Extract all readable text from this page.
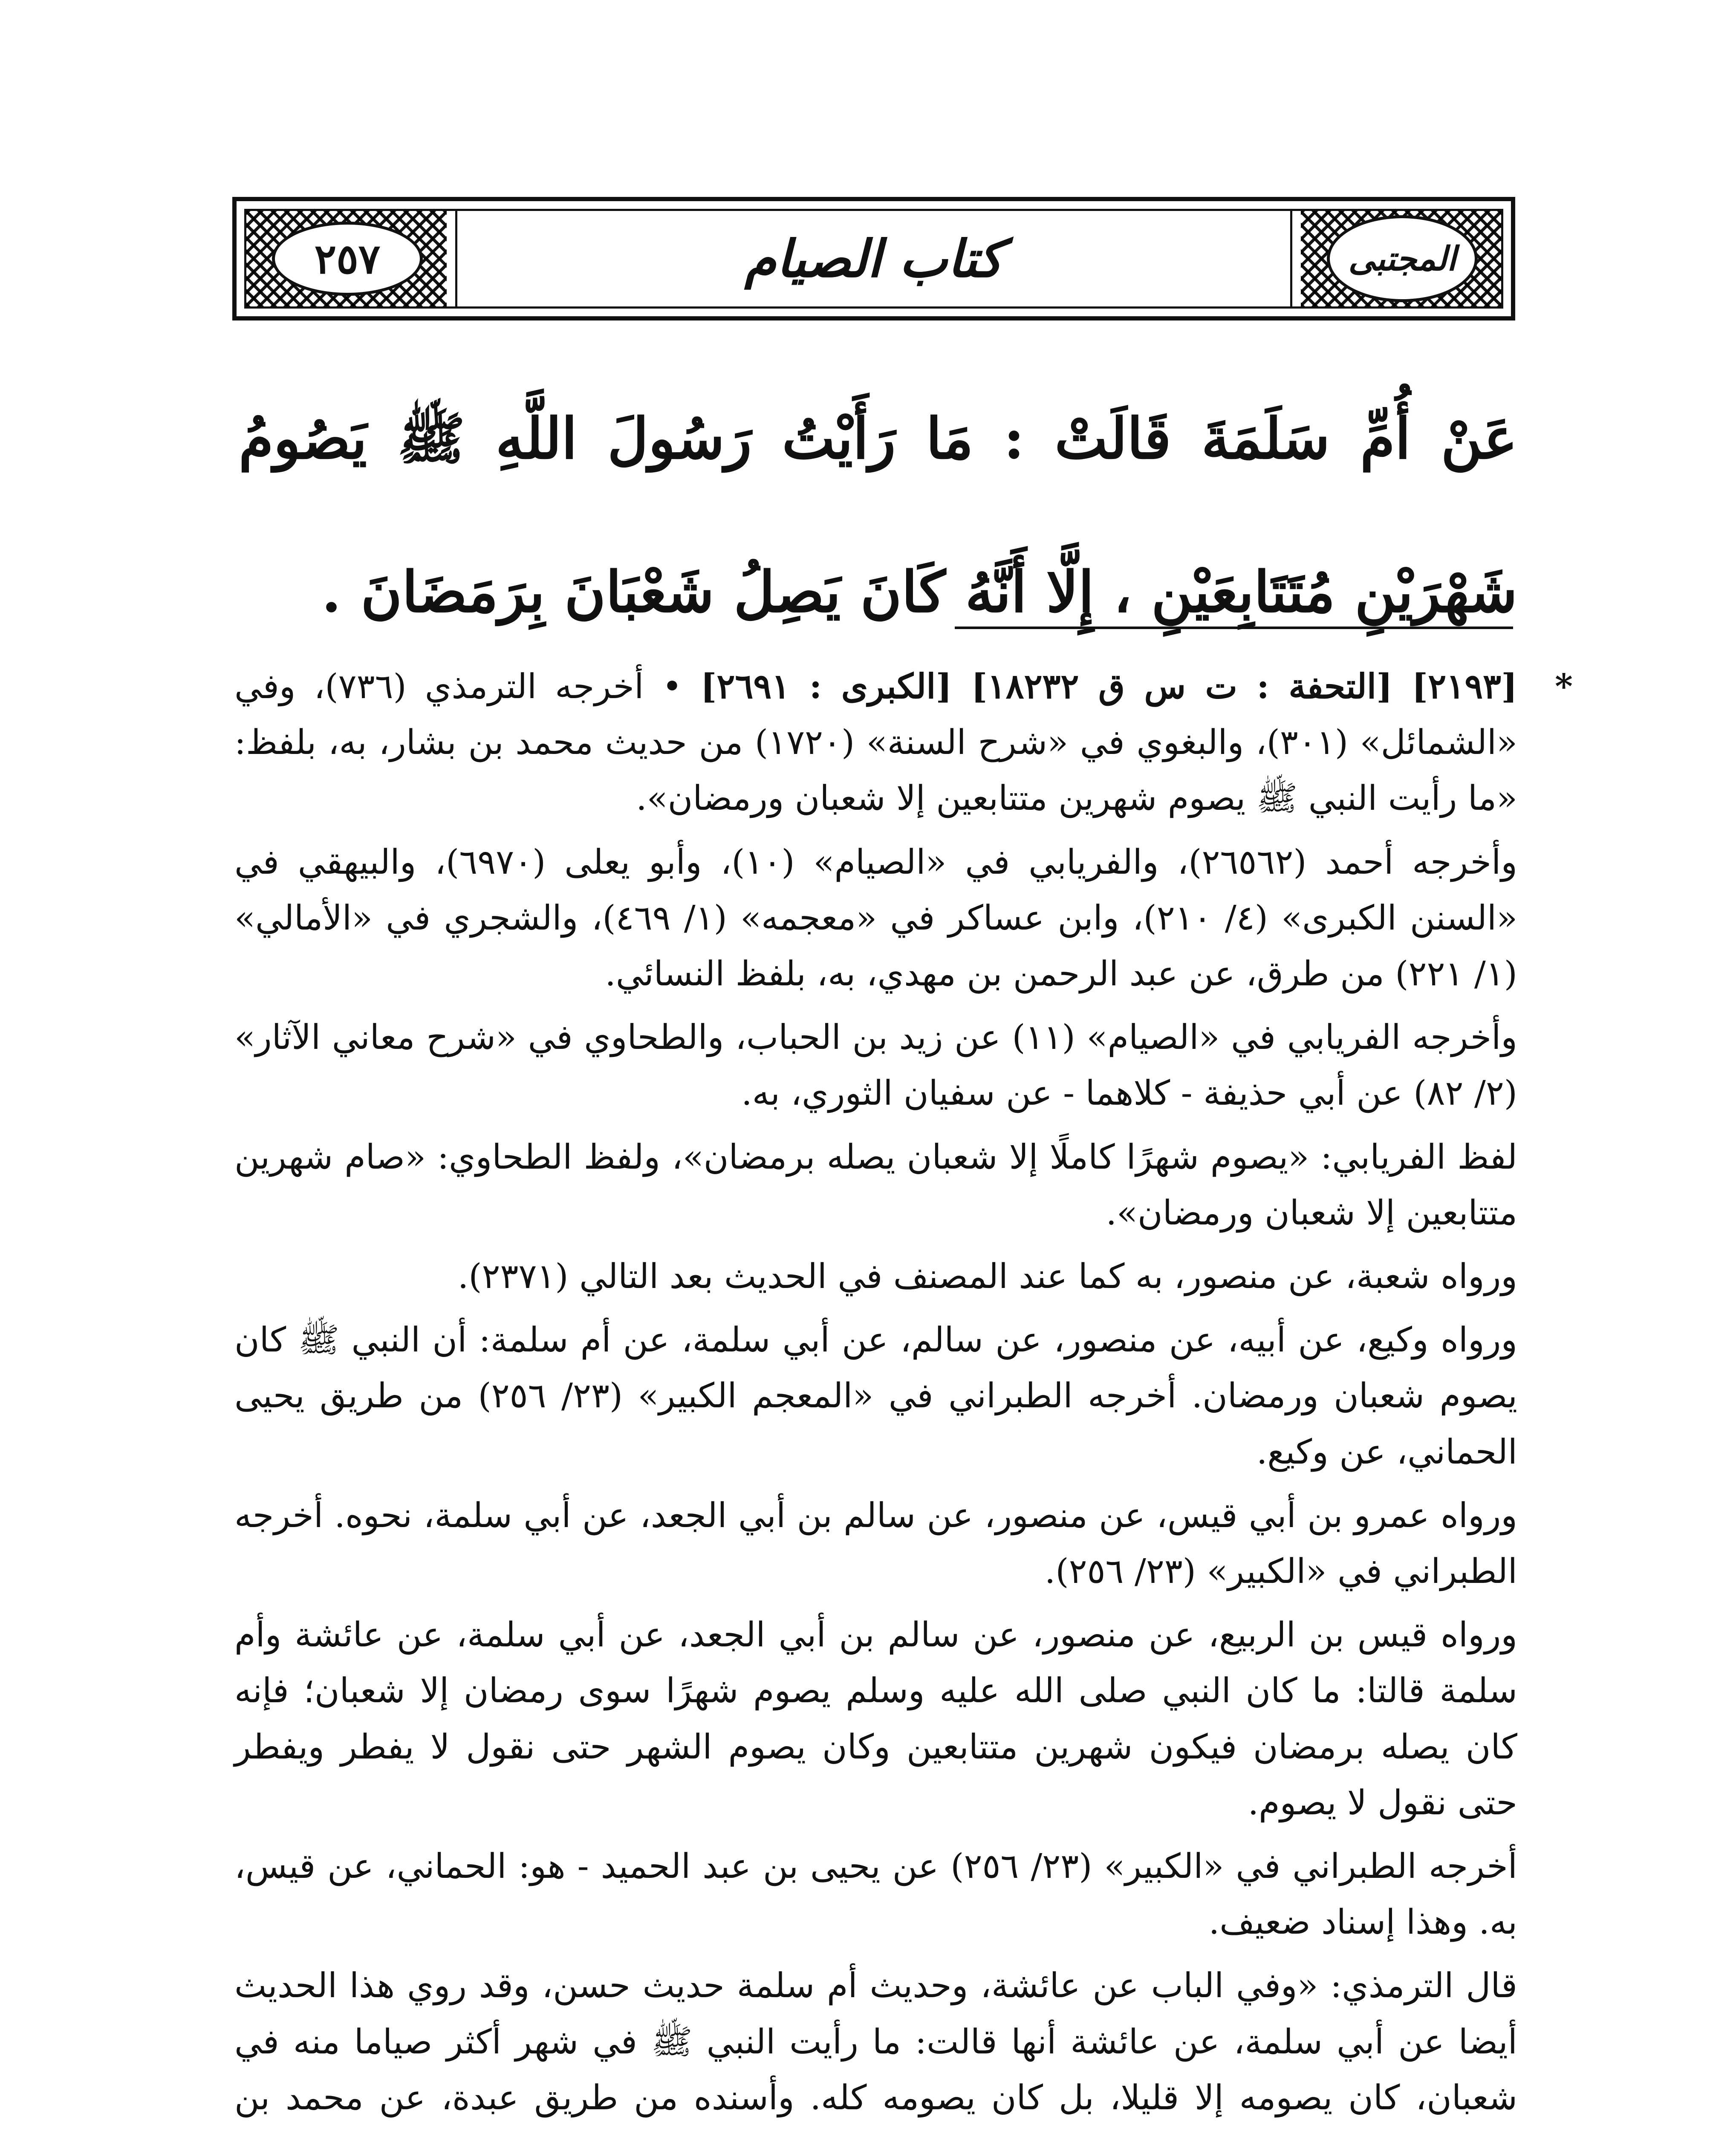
كتاب الصيام
٢٥٧	المجتبى
عَنْ أُمِّ سَلَمَةَ قَالَتْ : مَا رَأَيْتُ رَسُولَ اللَّهِ ﷺ يَصُومُ شَهْرَيْنِ مُتَتَابِعَيْنِ ، إِلَّا أَنَّهُ كَانَ يَصِلُ شَعْبَانَ بِرَمَضَانَ .

*
[٢١٩٣] [التحفة : ت س ق ١٨٢٣٢] [الكبرى : ٢٦٩١] • أخرجه الترمذي (٧٣٦)، وفي «الشمائل» (٣٠١)، والبغوي في «شرح السنة» (١٧٢٠) من حديث محمد بن بشار، به، بلفظ: «ما رأيت النبي ﷺ يصوم شهرين متتابعين إلا شعبان ورمضان».

وأخرجه أحمد (٢٦٥٦٢)، والفريابي في «الصيام» (١٠)، وأبو يعلى (٦٩٧٠)، والبيهقي في «السنن الكبرى» (٤/ ٢١٠)، وابن عساكر في «معجمه» (١/ ٤٦٩)، والشجري في «الأمالي» (١/ ٢٢١) من طرق، عن عبد الرحمن بن مهدي، به، بلفظ النسائي.

وأخرجه الفريابي في «الصيام» (١١) عن زيد بن الحباب، والطحاوي في «شرح معاني الآثار» (٢/ ٨٢) عن أبي حذيفة - كلاهما - عن سفيان الثوري، به.

لفظ الفريابي: «يصوم شهرًا كاملًا إلا شعبان يصله برمضان»، ولفظ الطحاوي: «صام شهرين متتابعين إلا شعبان ورمضان».

ورواه شعبة، عن منصور، به كما عند المصنف في الحديث بعد التالي (٢٣٧١).

ورواه وكيع، عن أبيه، عن منصور، عن سالم، عن أبي سلمة، عن أم سلمة: أن النبي ﷺ كان يصوم شعبان ورمضان. أخرجه الطبراني في «المعجم الكبير» (٢٣/ ٢٥٦) من طريق يحيى الحماني، عن وكيع.

ورواه عمرو بن أبي قيس، عن منصور، عن سالم بن أبي الجعد، عن أبي سلمة، نحوه. أخرجه الطبراني في «الكبير» (٢٣/ ٢٥٦).

ورواه قيس بن الربيع، عن منصور، عن سالم بن أبي الجعد، عن أبي سلمة، عن عائشة وأم سلمة قالتا: ما كان النبي صلى الله عليه وسلم يصوم شهرًا سوى رمضان إلا شعبان؛ فإنه كان يصله برمضان فيكون شهرين متتابعين وكان يصوم الشهر حتى نقول لا يفطر ويفطر حتى نقول لا يصوم.

أخرجه الطبراني في «الكبير» (٢٣/ ٢٥٦) عن يحيى بن عبد الحميد - هو: الحماني، عن قيس، به. وهذا إسناد ضعيف.

قال الترمذي: «وفي الباب عن عائشة، وحديث أم سلمة حديث حسن، وقد روي هذا الحديث أيضا عن أبي سلمة، عن عائشة أنها قالت: ما رأيت النبي ﷺ في شهر أكثر صياما منه في شعبان، كان يصومه إلا قليلا، بل كان يصومه كله. وأسنده من طريق عبدة، عن محمد بن
